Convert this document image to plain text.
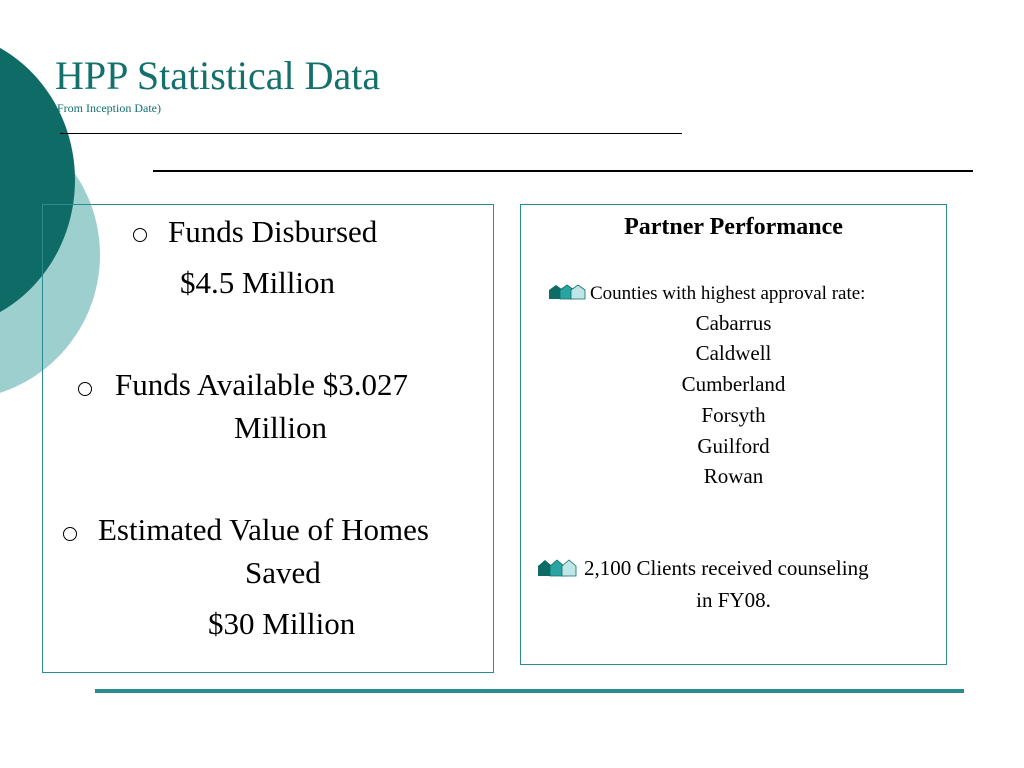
HPP Statistical Data
From Inception Date)
Funds Disbursed
$4.5 Million
Funds Available $3.027
Million
Estimated Value of Homes
Saved
$30 Million
Partner Performance
Counties with highest approval rate:
Cabarrus
Caldwell
Cumberland
Forsyth
Guilford
Rowan
2,100 Clients received counseling
in FY08.
